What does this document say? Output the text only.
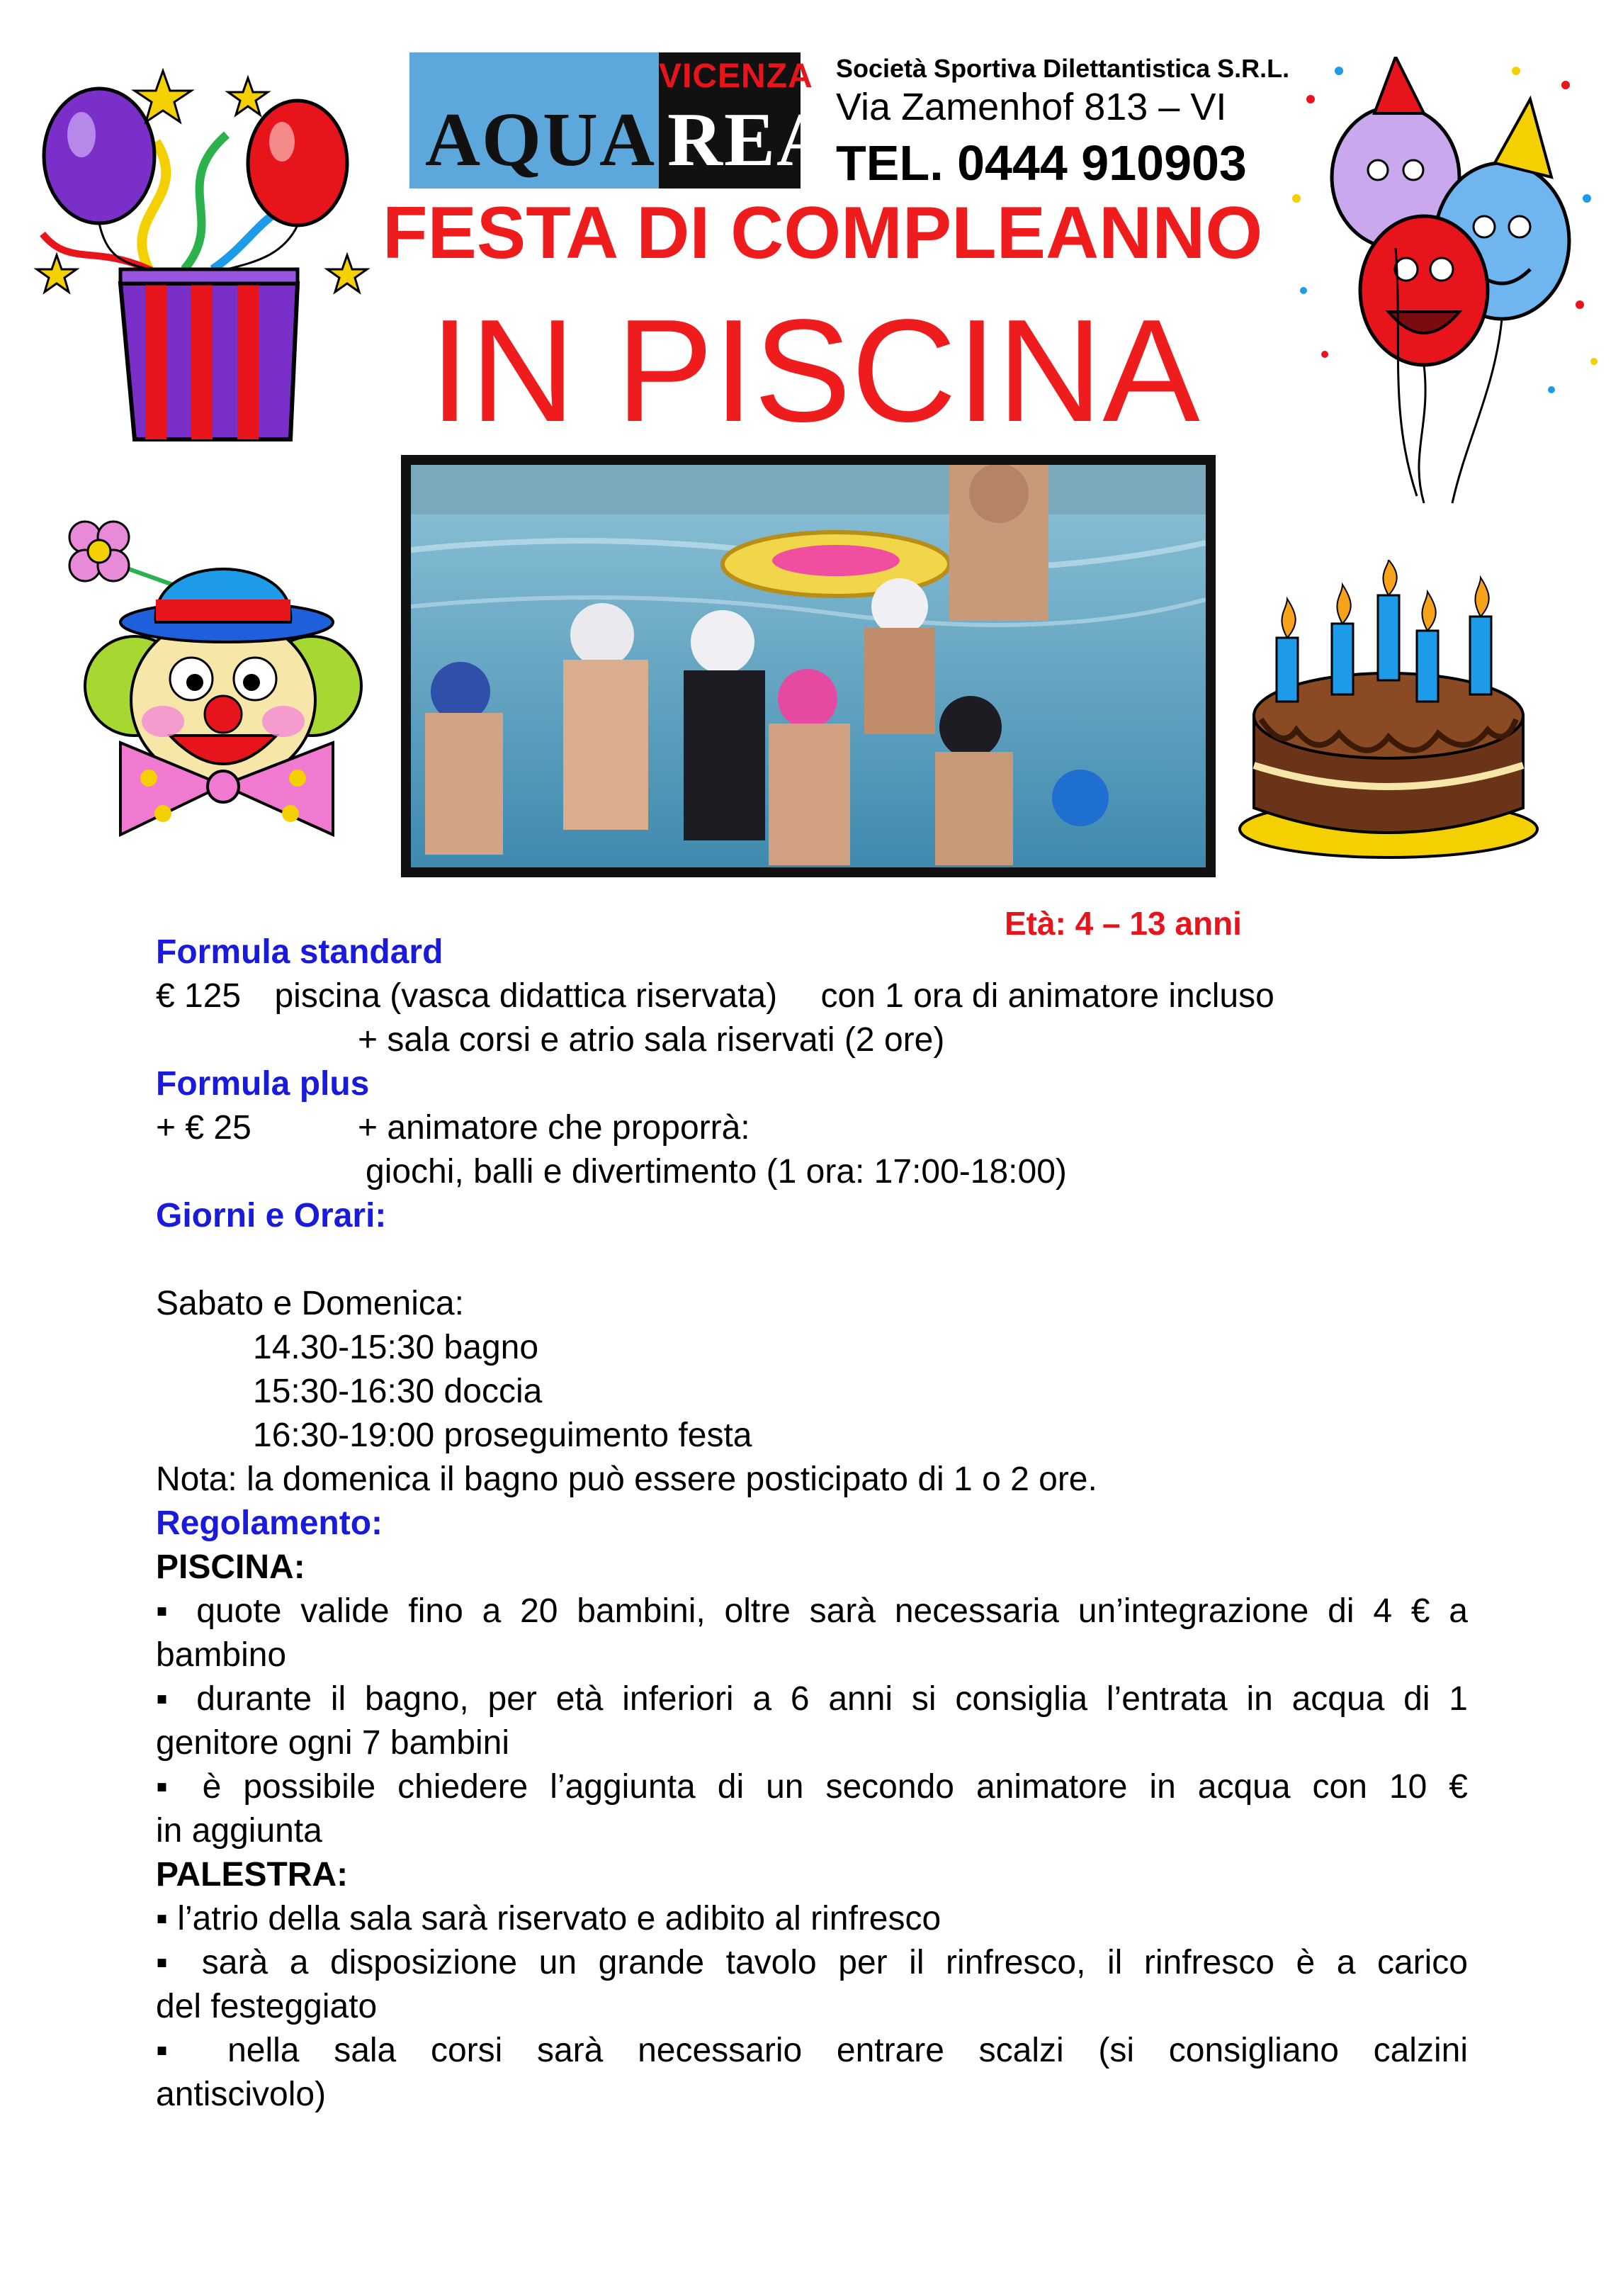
VICENZA
AQUA REA
Società Sportiva Dilettantistica S.R.L.
Via Zamenhof 813 – VI
TEL. 0444 910903
FESTA DI COMPLEANNO
IN PISCINA
Età: 4 – 13 anni
Formula standard
€ 125 piscina (vasca didattica riservata) con 1 ora di animatore incluso
+ sala corsi e atrio sala riservati (2 ore)
Formula plus
+ € 25	+ animatore che proporrà:
giochi, balli e divertimento (1 ora: 17:00-18:00)
Giorni e Orari:
Sabato e Domenica:
14.30-15:30 bagno
15:30-16:30 doccia
16:30-19:00 proseguimento festa
Nota: la domenica il bagno può essere posticipato di 1 o 2 ore.
Regolamento:
PISCINA:
▪ quote valide fino a 20 bambini, oltre sarà necessaria un’integrazione di 4 € a
bambino
▪ durante il bagno, per età inferiori a 6 anni si consiglia l’entrata in acqua di 1
genitore ogni 7 bambini
▪ è possibile chiedere l’aggiunta di un secondo animatore in acqua con 10 €
in aggiunta
PALESTRA:
▪ l’atrio della sala sarà riservato e adibito al rinfresco
▪ sarà a disposizione un grande tavolo per il rinfresco, il rinfresco è a carico
del festeggiato
▪ nella sala corsi sarà necessario entrare scalzi (si consigliano calzini
antiscivolo)
